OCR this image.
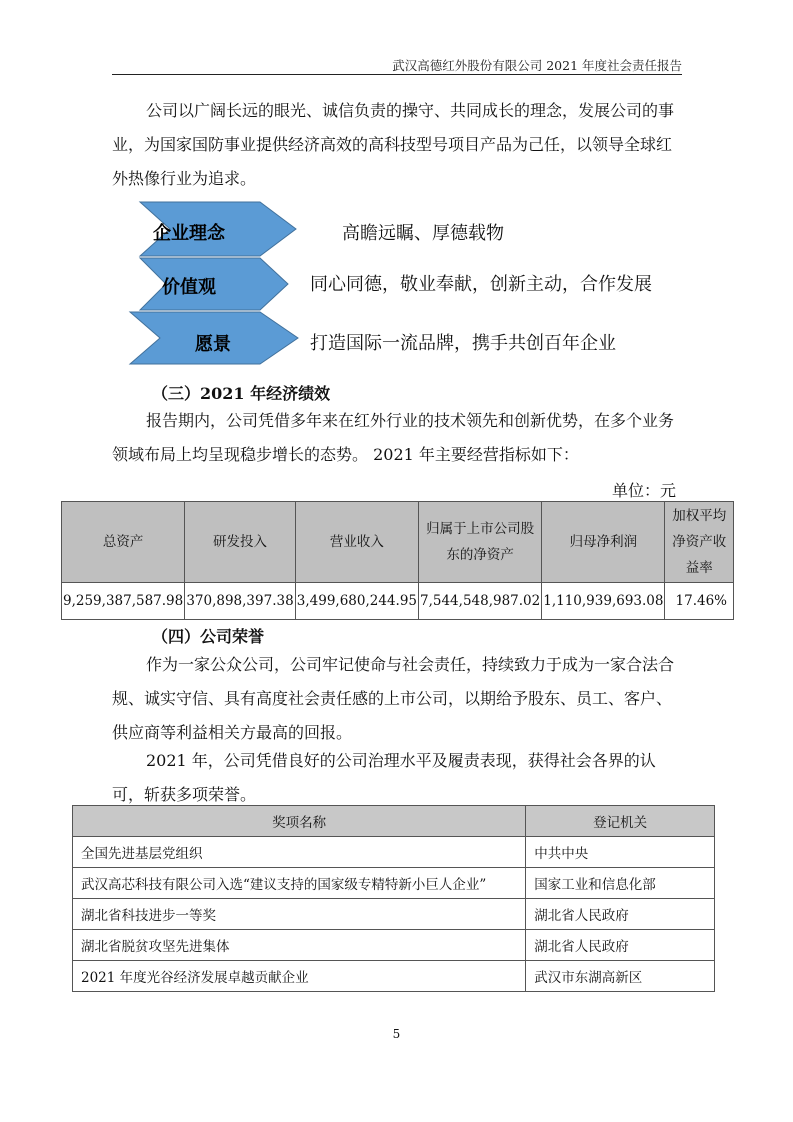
武汉高德红外股份有限公司 2021 年度社会责任报告
公司以广阔长远的眼光、诚信负责的操守、共同成长的理念，发展公司的事业，为国家国防事业提供经济高效的高科技型号项目产品为己任，以领导全球红外热像行业为追求。
企业理念
价值观
愿景
高瞻远瞩、厚德载物
同心同德，敬业奉献，创新主动，合作发展
打造国际一流品牌，携手共创百年企业
（三）2021 年经济绩效
报告期内，公司凭借多年来在红外行业的技术领先和创新优势，在多个业务领域布局上均呈现稳步增长的态势。 2021 年主要经营指标如下：
单位：元
总资产	研发投入	营业收入	归属于上市公司股东的净资产	归母净利润	加权平均净资产收益率
9,259,387,587.98	370,898,397.38	3,499,680,244.95	7,544,548,987.02	1,110,939,693.08	17.46%
（四）公司荣誉
作为一家公众公司，公司牢记使命与社会责任，持续致力于成为一家合法合规、诚实守信、具有高度社会责任感的上市公司，以期给予股东、员工、客户、供应商等利益相关方最高的回报。
2021 年，公司凭借良好的公司治理水平及履责表现，获得社会各界的认可，斩获多项荣誉。
奖项名称	登记机关
全国先进基层党组织	中共中央
武汉高芯科技有限公司入选“建议支持的国家级专精特新小巨人企业”	国家工业和信息化部
湖北省科技进步一等奖	湖北省人民政府
湖北省脱贫攻坚先进集体	湖北省人民政府
2021 年度光谷经济发展卓越贡献企业	武汉市东湖高新区
5
